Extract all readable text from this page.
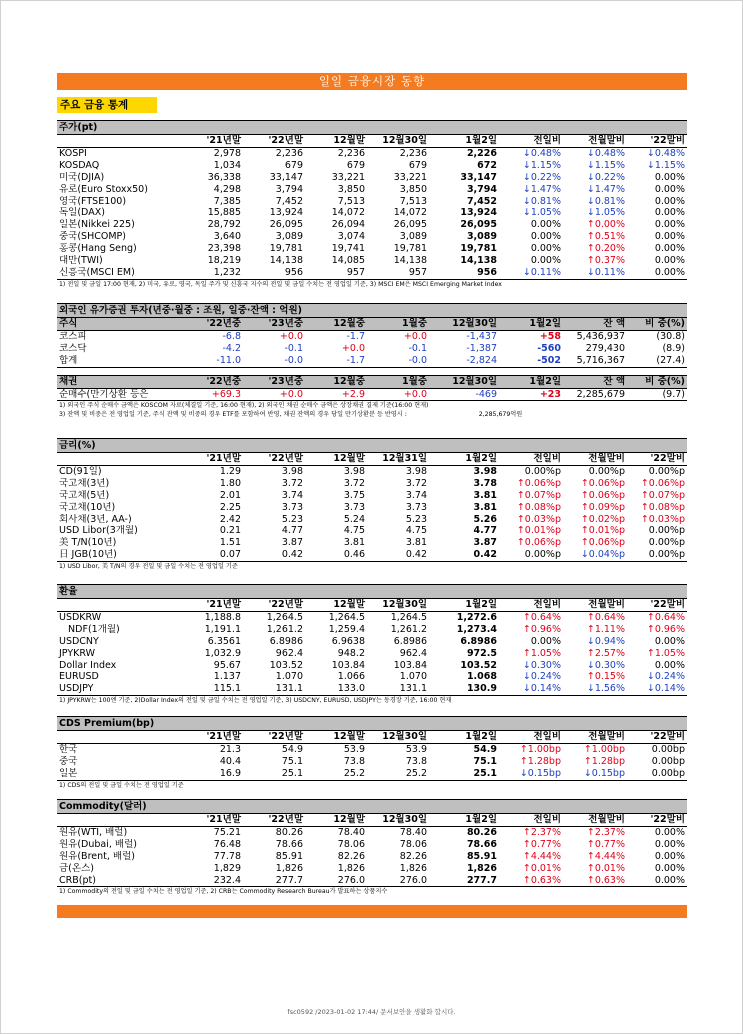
일일 금융시장 동향
주요 금융 통계
주가(pt)
	'21년말	'22년말	12월말	12월30일	1월2일	전일비	전월말비	'22말비
KOSPI	2,978	2,236	2,236	2,236	2,226	↓0.48%	↓0.48%	↓0.48%
KOSDAQ	1,034	679	679	679	672	↓1.15%	↓1.15%	↓1.15%
미국(DJIA)	36,338	33,147	33,221	33,221	33,147	↓0.22%	↓0.22%	0.00%
유로(Euro Stoxx50)	4,298	3,794	3,850	3,850	3,794	↓1.47%	↓1.47%	0.00%
영국(FTSE100)	7,385	7,452	7,513	7,513	7,452	↓0.81%	↓0.81%	0.00%
독일(DAX)	15,885	13,924	14,072	14,072	13,924	↓1.05%	↓1.05%	0.00%
일본(Nikkei 225)	28,792	26,095	26,094	26,095	26,095	0.00%	↑0.00%	0.00%
중국(SHCOMP)	3,640	3,089	3,074	3,089	3,089	0.00%	↑0.51%	0.00%
홍콩(Hang Seng)	23,398	19,781	19,741	19,781	19,781	0.00%	↑0.20%	0.00%
대만(TWI)	18,219	14,138	14,085	14,138	14,138	0.00%	↑0.37%	0.00%
신흥국(MSCI EM)	1,232	956	957	957	956	↓0.11%	↓0.11%	0.00%
1) 전일 및 금일 17:00 현재, 2) 미국, 유로, 영국, 독일 주가 및 신흥국 지수의 전일 및 금일 수치는 전 영업일 기준, 3) MSCI EM은 MSCI Emerging Market Index
외국인 유가증권 투자(년중·월중 : 조원, 일중·잔액 : 억원)
주식	'22년중	'23년중	12월중	1월중	12월30일	1월2일	잔 액	비 중(%)
코스피	-6.8	+0.0	-1.7	+0.0	-1,437	+58	5,436,937	(30.8)
코스닥	-4.2	-0.1	+0.0	-0.1	-1,387	-560	279,430	(8.9)
합계	-11.0	-0.0	-1.7	-0.0	-2,824	-502	5,716,367	(27.4)
채권	'22년중	'23년중	12월중	1월중	12월30일	1월2일	잔 액	비 중(%)
순매수(만기상환 등은	+69.3	+0.0	+2.9	+0.0	-469	+23	2,285,679	(9.7)
1) 외국인 주식 순매수 금액은 KOSCOM 자료(체결일 기준, 16:00 현재), 2) 외국인 채권 순매수 금액은 상장채권 결제 기준(16:00 현재)
3) 잔액 및 비중은 전 영업일 기준, 주식 잔액 및 비중의 경우 ETF를 포함하여 반영, 채권 잔액의 경우 당일 만기상환분 등 반영시 :	2,285,679억원
금리(%)
	'21년말	'22년말	12월말	12월31일	1월2일	전일비	전월말비	'22말비
CD(91일)	1.29	3.98	3.98	3.98	3.98	0.00%p	0.00%p	0.00%p
국고채(3년)	1.80	3.72	3.72	3.72	3.78	↑0.06%p	↑0.06%p	↑0.06%p
국고채(5년)	2.01	3.74	3.75	3.74	3.81	↑0.07%p	↑0.06%p	↑0.07%p
국고채(10년)	2.25	3.73	3.73	3.73	3.81	↑0.08%p	↑0.09%p	↑0.08%p
회사채(3년, AA-)	2.42	5.23	5.24	5.23	5.26	↑0.03%p	↑0.02%p	↑0.03%p
USD Libor(3개월)	0.21	4.77	4.75	4.75	4.77	↑0.01%p	↑0.01%p	0.00%p
美 T/N(10년)	1.51	3.87	3.81	3.81	3.87	↑0.06%p	↑0.06%p	0.00%p
日 JGB(10년)	0.07	0.42	0.46	0.42	0.42	0.00%p	↓0.04%p	0.00%p
1) USD Libor, 美 T/N의 경우 전일 및 금일 수치는 전 영업일 기준
환율
	'21년말	'22년말	12월말	12월30일	1월2일	전일비	전월말비	'22말비
USDKRW	1,188.8	1,264.5	1,264.5	1,264.5	1,272.6	↑0.64%	↑0.64%	↑0.64%
NDF(1개월)	1,191.1	1,261.2	1,259.4	1,261.2	1,273.4	↑0.96%	↑1.11%	↑0.96%
USDCNY	6.3561	6.8986	6.9638	6.8986	6.8986	0.00%	↓0.94%	0.00%
JPYKRW	1,032.9	962.4	948.2	962.4	972.5	↑1.05%	↑2.57%	↑1.05%
Dollar Index	95.67	103.52	103.84	103.84	103.52	↓0.30%	↓0.30%	0.00%
EURUSD	1.137	1.070	1.066	1.070	1.068	↓0.24%	↑0.15%	↓0.24%
USDJPY	115.1	131.1	133.0	131.1	130.9	↓0.14%	↓1.56%	↓0.14%
1) JPYKRW는 100엔 기준, 2)Dollar Index의 전일 및 금일 수치는 전 영업일 기준, 3) USDCNY, EURUSD, USDJPY는 동경장 기준, 16:00 현재
CDS Premium(bp)
	'21년말	'22년말	12월말	12월30일	1월2일	전일비	전월말비	'22말비
한국	21.3	54.9	53.9	53.9	54.9	↑1.00bp	↑1.00bp	0.00bp
중국	40.4	75.1	73.8	73.8	75.1	↑1.28bp	↑1.28bp	0.00bp
일본	16.9	25.1	25.2	25.2	25.1	↓0.15bp	↓0.15bp	0.00bp
1) CDS의 전일 및 금일 수치는 전 영업일 기준
Commodity(달러)
	'21년말	'22년말	12월말	12월30일	1월2일	전일비	전월말비	'22말비
원유(WTI, 배럴)	75.21	80.26	78.40	78.40	80.26	↑2.37%	↑2.37%	0.00%
원유(Dubai, 배럴)	76.48	78.66	78.06	78.06	78.66	↑0.77%	↑0.77%	0.00%
원유(Brent, 배럴)	77.78	85.91	82.26	82.26	85.91	↑4.44%	↑4.44%	0.00%
금(온스)	1,829	1,826	1,826	1,826	1,826	↑0.01%	↑0.01%	0.00%
CRB(pt)	232.4	277.7	276.0	276.0	277.7	↑0.63%	↑0.63%	0.00%
1) Commodity의 전일 및 금일 수치는 전 영업일 기준, 2) CRB는 Commodity Research Bureau가 발표하는 상품지수
fsc0592 /2023-01-02 17:44/ 문서보안을 생활화 합시다.
